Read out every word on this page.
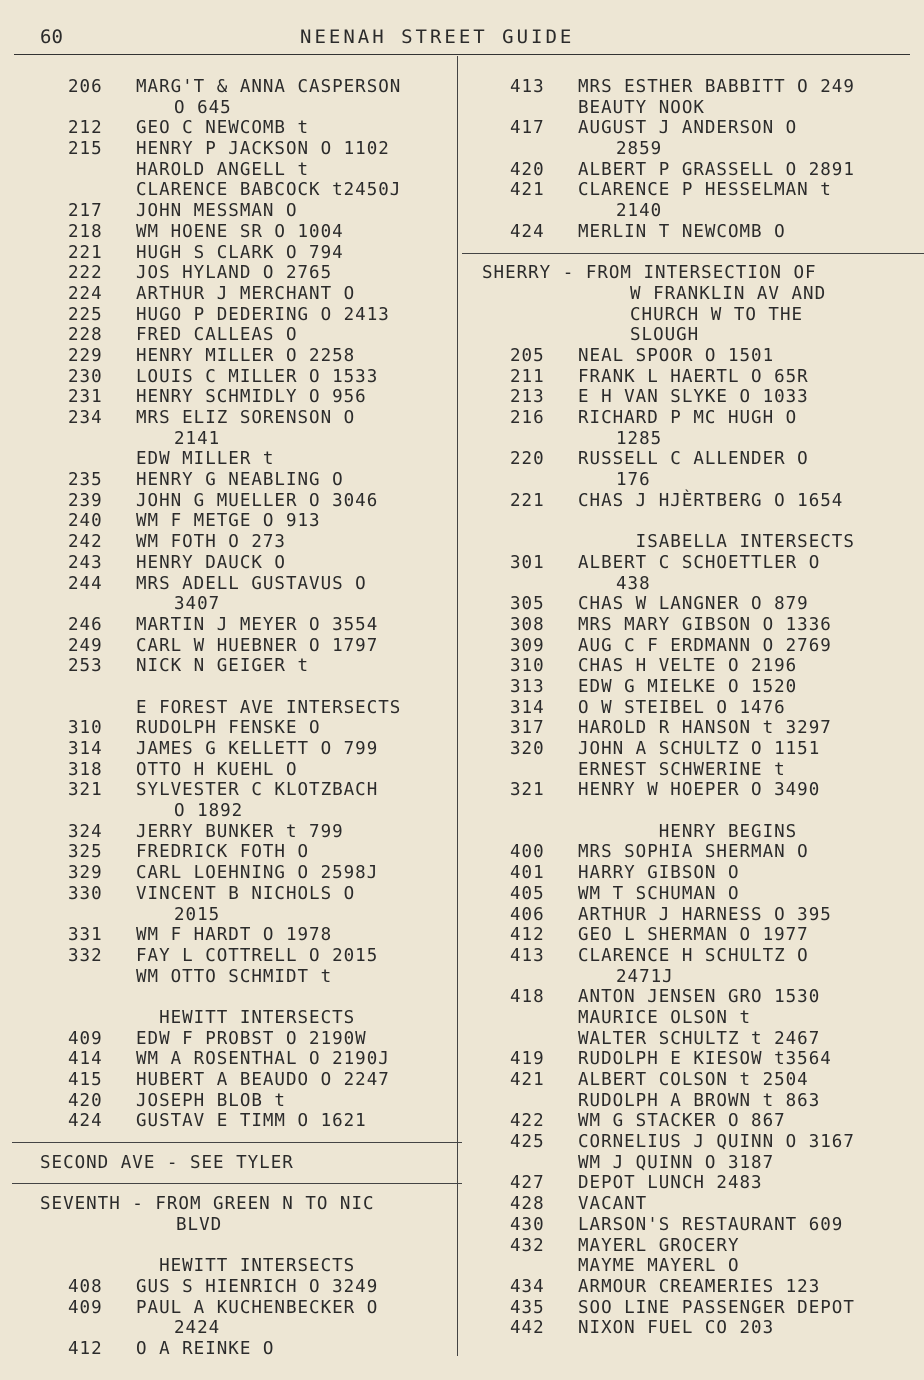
60	NEENAH STREET GUIDE
206 MARG'T & ANNA CASPERSON
O 645
212 GEO C NEWCOMB t
215 HENRY P JACKSON O 1102
HAROLD ANGELL t
CLARENCE BABCOCK t2450J
217 JOHN MESSMAN O
218 WM HOENE SR O 1004
221 HUGH S CLARK O 794
222 JOS HYLAND O 2765
224 ARTHUR J MERCHANT O
225 HUGO P DEDERING O 2413
228 FRED CALLEAS O
229 HENRY MILLER O 2258
230 LOUIS C MILLER O 1533
231 HENRY SCHMIDLY O 956
234 MRS ELIZ SORENSON O
2141
EDW MILLER t
235 HENRY G NEABLING O
239 JOHN G MUELLER O 3046
240 WM F METGE O 913
242 WM FOTH O 273
243 HENRY DAUCK O
244 MRS ADELL GUSTAVUS O
3407
246 MARTIN J MEYER O 3554
249 CARL W HUEBNER O 1797
253 NICK N GEIGER t
E FOREST AVE INTERSECTS
310 RUDOLPH FENSKE O
314 JAMES G KELLETT O 799
318 OTTO H KUEHL O
321 SYLVESTER C KLOTZBACH
O 1892
324 JERRY BUNKER t 799
325 FREDRICK FOTH O
329 CARL LOEHNING O 2598J
330 VINCENT B NICHOLS O
2015
331 WM F HARDT O 1978
332 FAY L COTTRELL O 2015
WM OTTO SCHMIDT t
HEWITT INTERSECTS
409 EDW F PROBST O 2190W
414 WM A ROSENTHAL O 2190J
415 HUBERT A BEAUDO O 2247
420 JOSEPH BLOB t
424 GUSTAV E TIMM O 1621
SECOND AVE - SEE TYLER
SEVENTH - FROM GREEN N TO NIC
BLVD
HEWITT INTERSECTS
408 GUS S HIENRICH O 3249
409 PAUL A KUCHENBECKER O
2424
412 O A REINKE O
413 MRS ESTHER BABBITT O 249
BEAUTY NOOK
417 AUGUST J ANDERSON O
2859
420 ALBERT P GRASSELL O 2891
421 CLARENCE P HESSELMAN t
2140
424 MERLIN T NEWCOMB O
SHERRY - FROM INTERSECTION OF
W FRANKLIN AV AND
CHURCH W TO THE
SLOUGH
205 NEAL SPOOR O 1501
211 FRANK L HAERTL O 65R
213 E H VAN SLYKE O 1033
216 RICHARD P MC HUGH O
1285
220 RUSSELL C ALLENDER O
176
221 CHAS J HJÈRTBERG O 1654
ISABELLA INTERSECTS
301 ALBERT C SCHOETTLER O
438
305 CHAS W LANGNER O 879
308 MRS MARY GIBSON O 1336
309 AUG C F ERDMANN O 2769
310 CHAS H VELTE O 2196
313 EDW G MIELKE O 1520
314 O W STEIBEL O 1476
317 HAROLD R HANSON t 3297
320 JOHN A SCHULTZ O 1151
ERNEST SCHWERINE t
321 HENRY W HOEPER O 3490
HENRY BEGINS
400 MRS SOPHIA SHERMAN O
401 HARRY GIBSON O
405 WM T SCHUMAN O
406 ARTHUR J HARNESS O 395
412 GEO L SHERMAN O 1977
413 CLARENCE H SCHULTZ O
2471J
418 ANTON JENSEN GRO 1530
MAURICE OLSON t
WALTER SCHULTZ t 2467
419 RUDOLPH E KIESOW t3564
421 ALBERT COLSON t 2504
RUDOLPH A BROWN t 863
422 WM G STACKER O 867
425 CORNELIUS J QUINN O 3167
WM J QUINN O 3187
427 DEPOT LUNCH 2483
428 VACANT
430 LARSON'S RESTAURANT 609
432 MAYERL GROCERY
MAYME MAYERL O
434 ARMOUR CREAMERIES 123
435 SOO LINE PASSENGER DEPOT
442 NIXON FUEL CO 203
